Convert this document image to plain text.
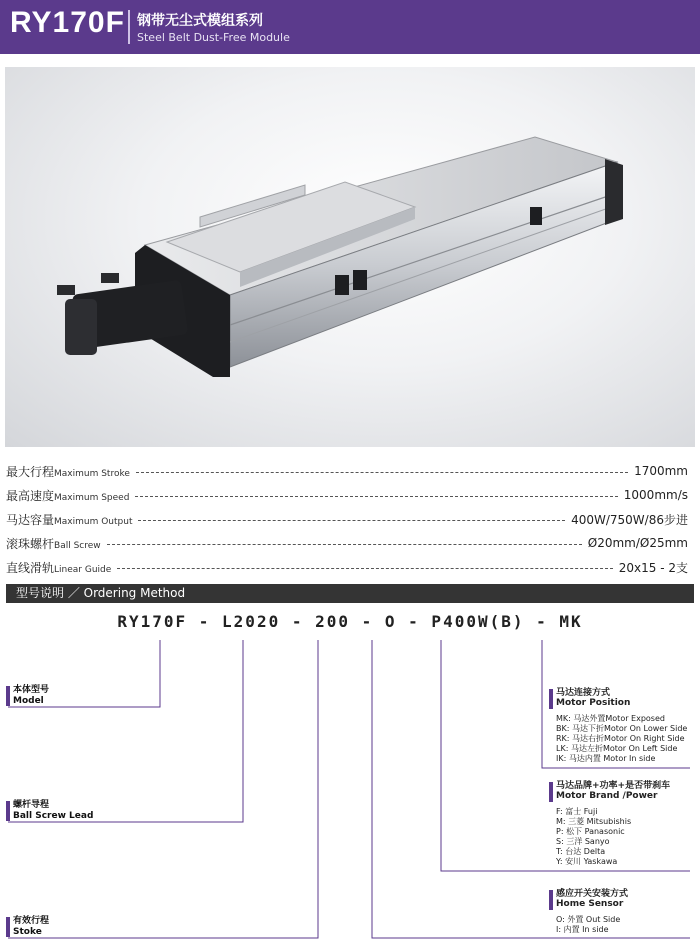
RY170F 钢带无尘式模组系列
Steel Belt Dust-Free Module
最大行程Maximum Stroke	1700mm
最高速度Maximum Speed	1000mm/s
马达容量Maximum Output	400W/750W/86步进
滚珠螺杆Ball Screw	Ø20mm/Ø25mm
直线滑轨Linear Guide	20x15 - 2支
型号说明 ／ Ordering Method
RY170F - L2020 - 200 - O - P400W(B) - MK
本体型号
Model
螺杆导程
Ball Screw Lead
有效行程
Stoke
马达连接方式
Motor Position
MK: 马达外置Motor Exposed
BK: 马达下折Motor On Lower Side
RK: 马达右折Motor On Right Side
LK: 马达左折Motor On Left Side
IK: 马达内置 Motor In side
马达品牌+功率+是否带刹车
Motor Brand /Power
F: 富士 Fuji
M: 三菱 Mitsubishis
P: 松下 Panasonic
S: 三洋 Sanyo
T: 台达 Delta
Y: 安川 Yaskawa
感应开关安装方式
Home Sensor
O: 外置 Out Side
I: 内置 In side
